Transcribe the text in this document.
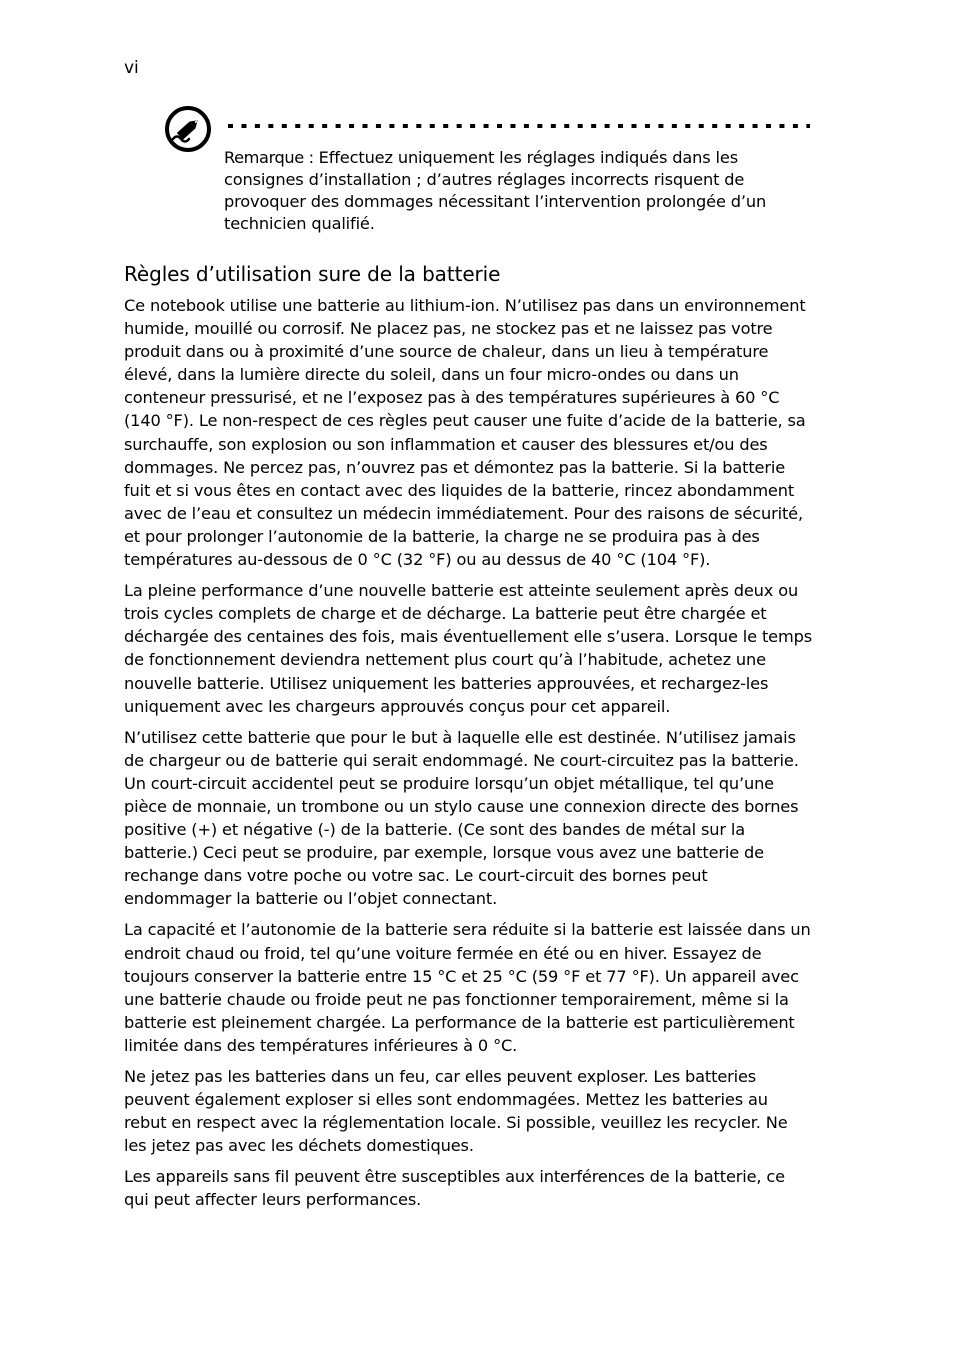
vi
Remarque : Effectuez uniquement les réglages indiqués dans les consignes d’installation ; d’autres réglages incorrects risquent de provoquer des dommages nécessitant l’intervention prolongée d’un technicien qualifié.
Règles d’utilisation sure de la batterie

Ce notebook utilise une batterie au lithium-ion. N’utilisez pas dans un environnement humide, mouillé ou corrosif. Ne placez pas, ne stockez pas et ne laissez pas votre produit dans ou à proximité d’une source de chaleur, dans un lieu à température élevé, dans la lumière directe du soleil, dans un four micro-ondes ou dans un conteneur pressurisé, et ne l’exposez pas à des températures supérieures à 60 °C (140 °F). Le non-respect de ces règles peut causer une fuite d’acide de la batterie, sa surchauffe, son explosion ou son inflammation et causer des blessures et/ou des dommages. Ne percez pas, n’ouvrez pas et démontez pas la batterie. Si la batterie fuit et si vous êtes en contact avec des liquides de la batterie, rincez abondamment avec de l’eau et consultez un médecin immédiatement. Pour des raisons de sécurité, et pour prolonger l’autonomie de la batterie, la charge ne se produira pas à des températures au-dessous de 0 °C (32 °F) ou au dessus de 40 °C (104 °F).

La pleine performance d’une nouvelle batterie est atteinte seulement après deux ou trois cycles complets de charge et de décharge. La batterie peut être chargée et déchargée des centaines des fois, mais éventuellement elle s’usera. Lorsque le temps de fonctionnement deviendra nettement plus court qu’à l’habitude, achetez une nouvelle batterie. Utilisez uniquement les batteries approuvées, et rechargez-les uniquement avec les chargeurs approuvés conçus pour cet appareil.

N’utilisez cette batterie que pour le but à laquelle elle est destinée. N’utilisez jamais de chargeur ou de batterie qui serait endommagé. Ne court-circuitez pas la batterie. Un court-circuit accidentel peut se produire lorsqu’un objet métallique, tel qu’une pièce de monnaie, un trombone ou un stylo cause une connexion directe des bornes positive (+) et négative (-) de la batterie. (Ce sont des bandes de métal sur la batterie.) Ceci peut se produire, par exemple, lorsque vous avez une batterie de rechange dans votre poche ou votre sac. Le court-circuit des bornes peut endommager la batterie ou l’objet connectant.

La capacité et l’autonomie de la batterie sera réduite si la batterie est laissée dans un endroit chaud ou froid, tel qu’une voiture fermée en été ou en hiver. Essayez de toujours conserver la batterie entre 15 °C et 25 °C (59 °F et 77 °F). Un appareil avec une batterie chaude ou froide peut ne pas fonctionner temporairement, même si la batterie est pleinement chargée. La performance de la batterie est particulièrement limitée dans des températures inférieures à 0 °C.

Ne jetez pas les batteries dans un feu, car elles peuvent exploser. Les batteries peuvent également exploser si elles sont endommagées. Mettez les batteries au rebut en respect avec la réglementation locale. Si possible, veuillez les recycler. Ne les jetez pas avec les déchets domestiques.

Les appareils sans fil peuvent être susceptibles aux interférences de la batterie, ce qui peut affecter leurs performances.
